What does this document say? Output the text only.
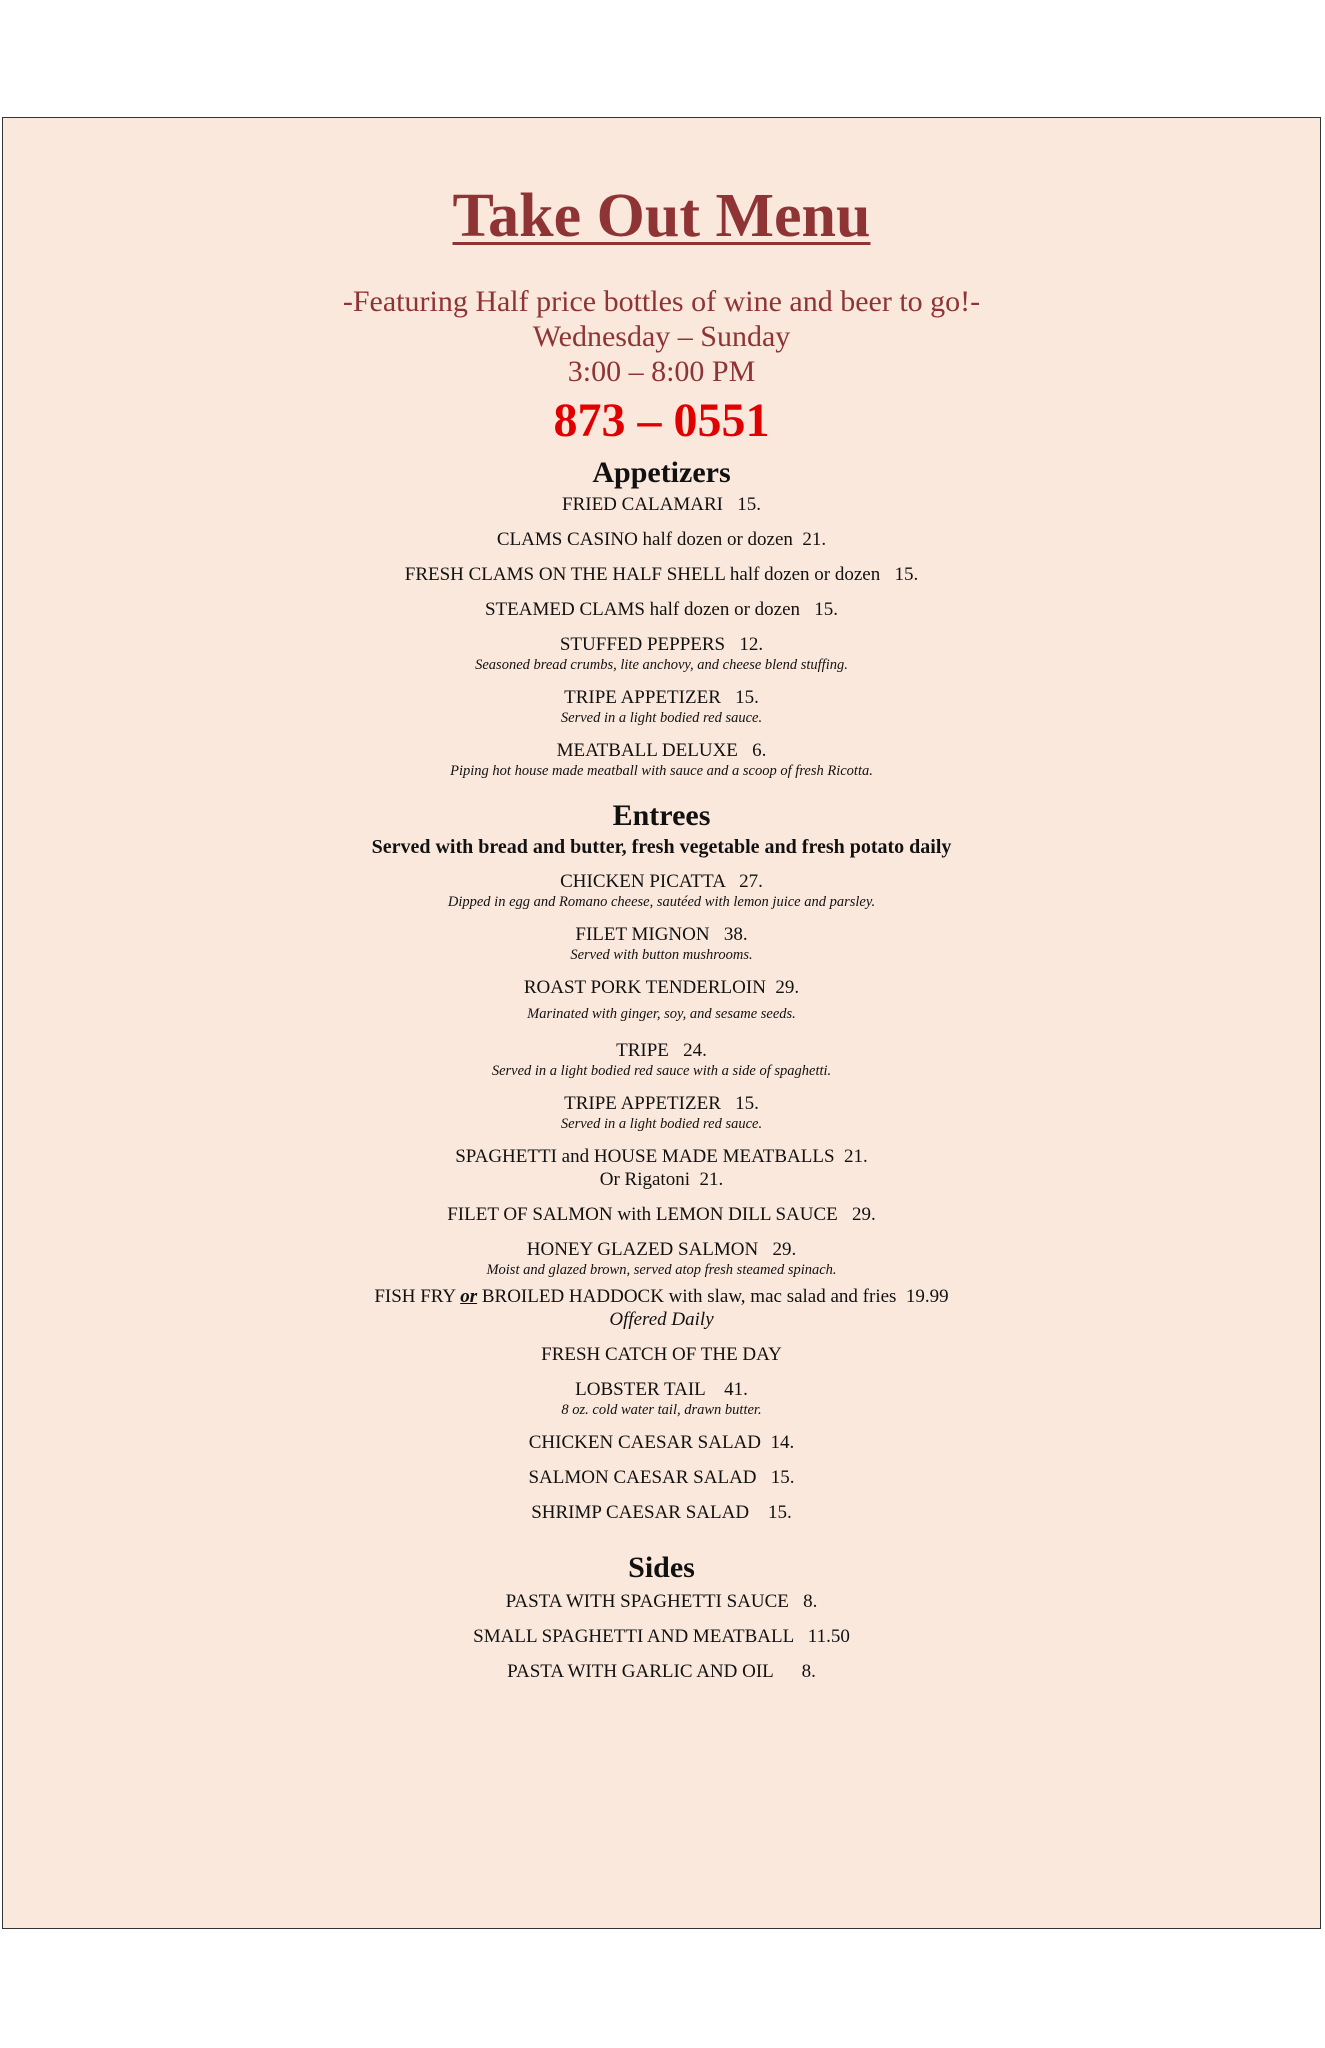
Take Out Menu
-Featuring Half price bottles of wine and beer to go!-
Wednesday – Sunday
3:00 – 8:00 PM
873 – 0551
Appetizers
FRIED CALAMARI   15.
CLAMS CASINO half dozen or dozen  21.
FRESH CLAMS ON THE HALF SHELL half dozen or dozen   15.
STEAMED CLAMS half dozen or dozen   15.
STUFFED PEPPERS   12.
Seasoned bread crumbs, lite anchovy, and cheese blend stuffing.
TRIPE APPETIZER   15.
Served in a light bodied red sauce.
MEATBALL DELUXE   6.
Piping hot house made meatball with sauce and a scoop of fresh Ricotta.
Entrees
Served with bread and butter, fresh vegetable and fresh potato daily
CHICKEN PICATTA   27.
Dipped in egg and Romano cheese, sautéed with lemon juice and parsley.
FILET MIGNON   38.
Served with button mushrooms.
ROAST PORK TENDERLOIN  29.
Marinated with ginger, soy, and sesame seeds.
TRIPE   24.
Served in a light bodied red sauce with a side of spaghetti.
TRIPE APPETIZER   15.
Served in a light bodied red sauce.
SPAGHETTI and HOUSE MADE MEATBALLS  21.
Or Rigatoni  21.
FILET OF SALMON with LEMON DILL SAUCE   29.
HONEY GLAZED SALMON   29.
Moist and glazed brown, served atop fresh steamed spinach.
FISH FRY or BROILED HADDOCK with slaw, mac salad and fries  19.99
Offered Daily
FRESH CATCH OF THE DAY
LOBSTER TAIL    41.
8 oz. cold water tail, drawn butter.
CHICKEN CAESAR SALAD  14.
SALMON CAESAR SALAD   15.
SHRIMP CAESAR SALAD    15.
Sides
PASTA WITH SPAGHETTI SAUCE   8.
SMALL SPAGHETTI AND MEATBALL   11.50
PASTA WITH GARLIC AND OIL      8.
